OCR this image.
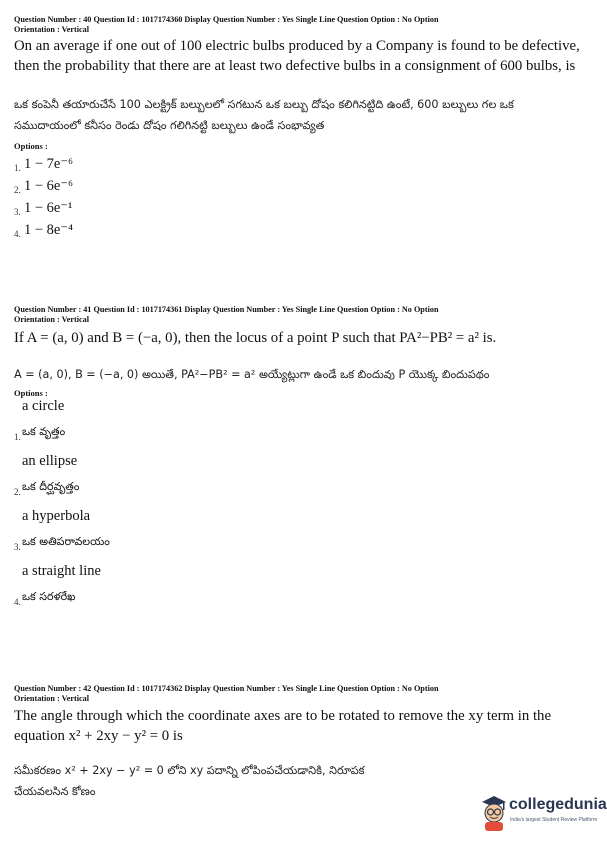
Question Number : 40 Question Id : 1017174360 Display Question Number : Yes Single Line Question Option : No Option
Orientation : Vertical
On an average if one out of 100 electric bulbs produced by a Company is found to be defective, then the probability that there are at least two defective bulbs in a consignment of 600 bulbs, is
ఒక కంపెనీ తయారుచేసే 100 ఎలక్ట్రిక్ బల్బులలో సగటున ఒక బల్బు దోషం కలిగినట్టిది ఉంటే, 600 బల్బులు గల ఒక సముదాయంలో కనీసం రెండు దోషం గలిగినట్టి బల్బులు ఉండే సంభావ్యత
Options :
1. 1 − 7e⁻⁶
2. 1 − 6e⁻⁶
3. 1 − 6e⁻¹
4. 1 − 8e⁻⁴
Question Number : 41 Question Id : 1017174361 Display Question Number : Yes Single Line Question Option : No Option
Orientation : Vertical
If A = (a, 0) and B = (−a, 0), then the locus of a point P such that PA²−PB² = a² is.
A = (a, 0), B = (−a, 0) అయితే, PA²−PB² = a² అయ్యేట్లుగా ఉండే ఒక బిందువు P యొక్క బిందుపథం
Options :
a circle
1. ఒక వృత్తం
an ellipse
2. ఒక దీర్ఘవృత్తం
a hyperbola
3. ఒక అతిపరావలయం
a straight line
4. ఒక సరళరేఖ
Question Number : 42 Question Id : 1017174362 Display Question Number : Yes Single Line Question Option : No Option
Orientation : Vertical
The angle through which the coordinate axes are to be rotated to remove the xy term in the equation x² + 2xy − y² = 0 is
సమీకరణం x² + 2xy − y² = 0 లోని xy పదాన్ని లోపింపచేయడానికి, నిరూపక
చేయవలసిన కోణం
collegedunia
India's largest Student Review Platform
